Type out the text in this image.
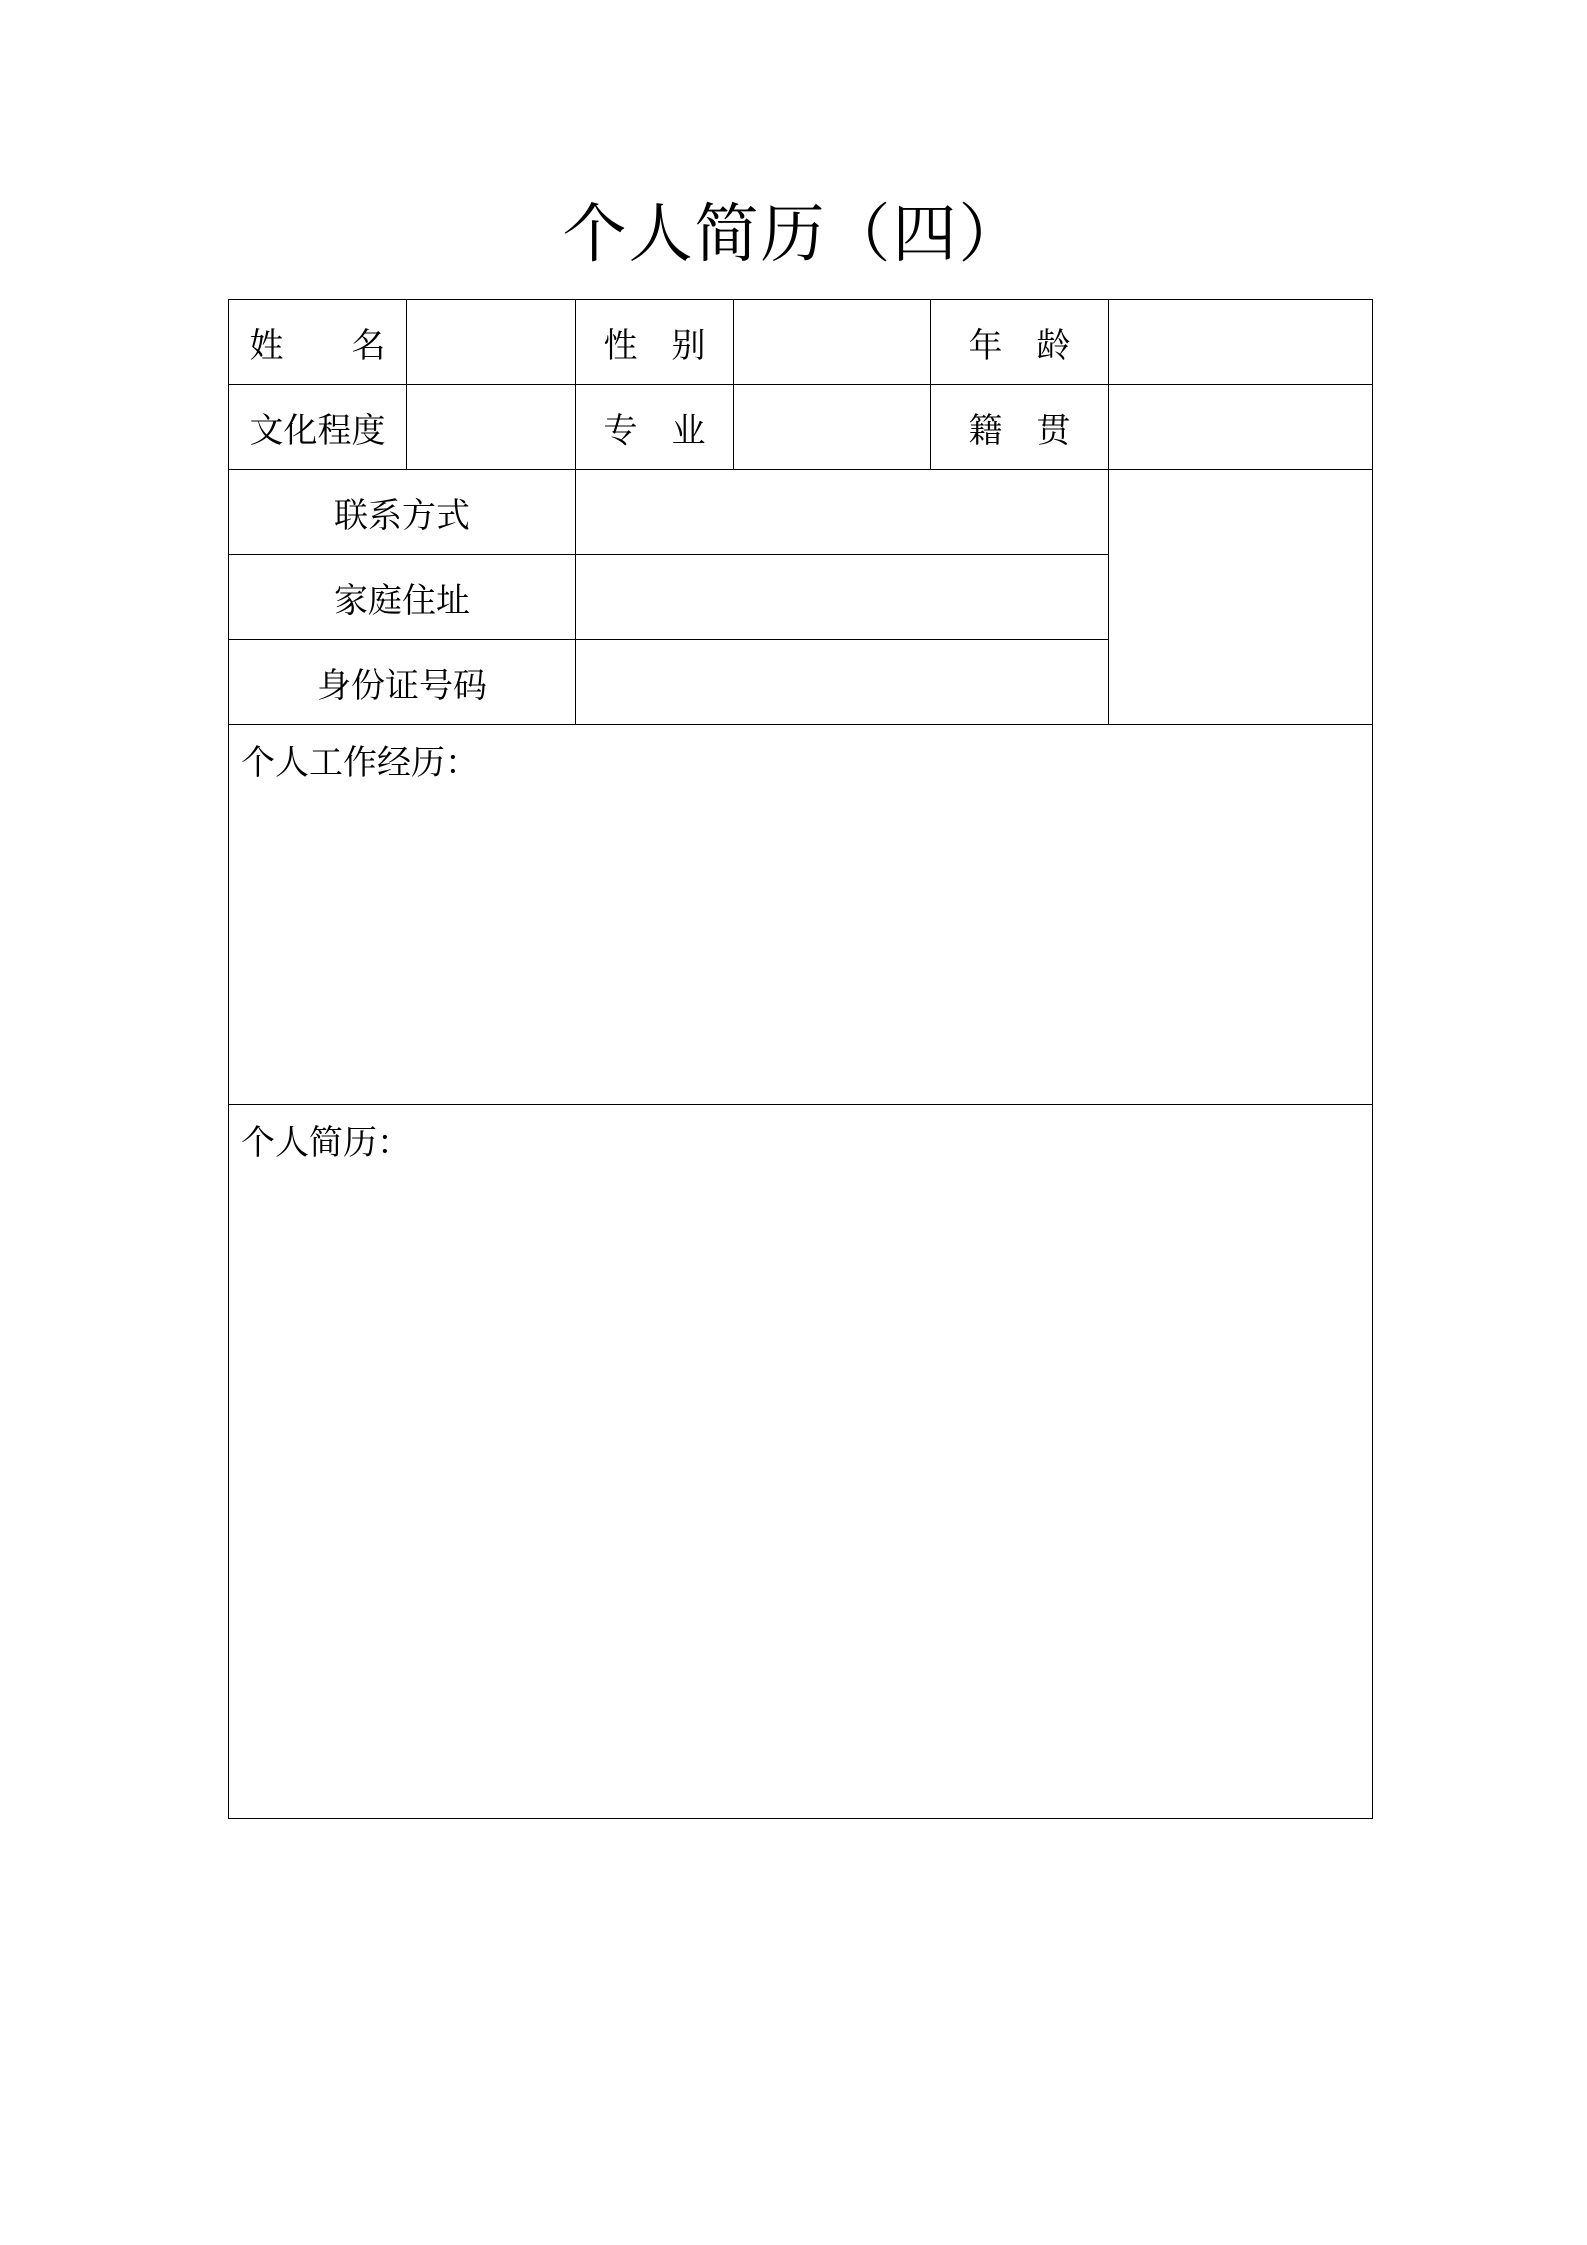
个人简历（四）
姓　　名		性　别		年　龄	
文化程度		专　业		籍　贯	
联系方式					
家庭住址					
身份证号码					

个人工作经历：					

个人简历：					
